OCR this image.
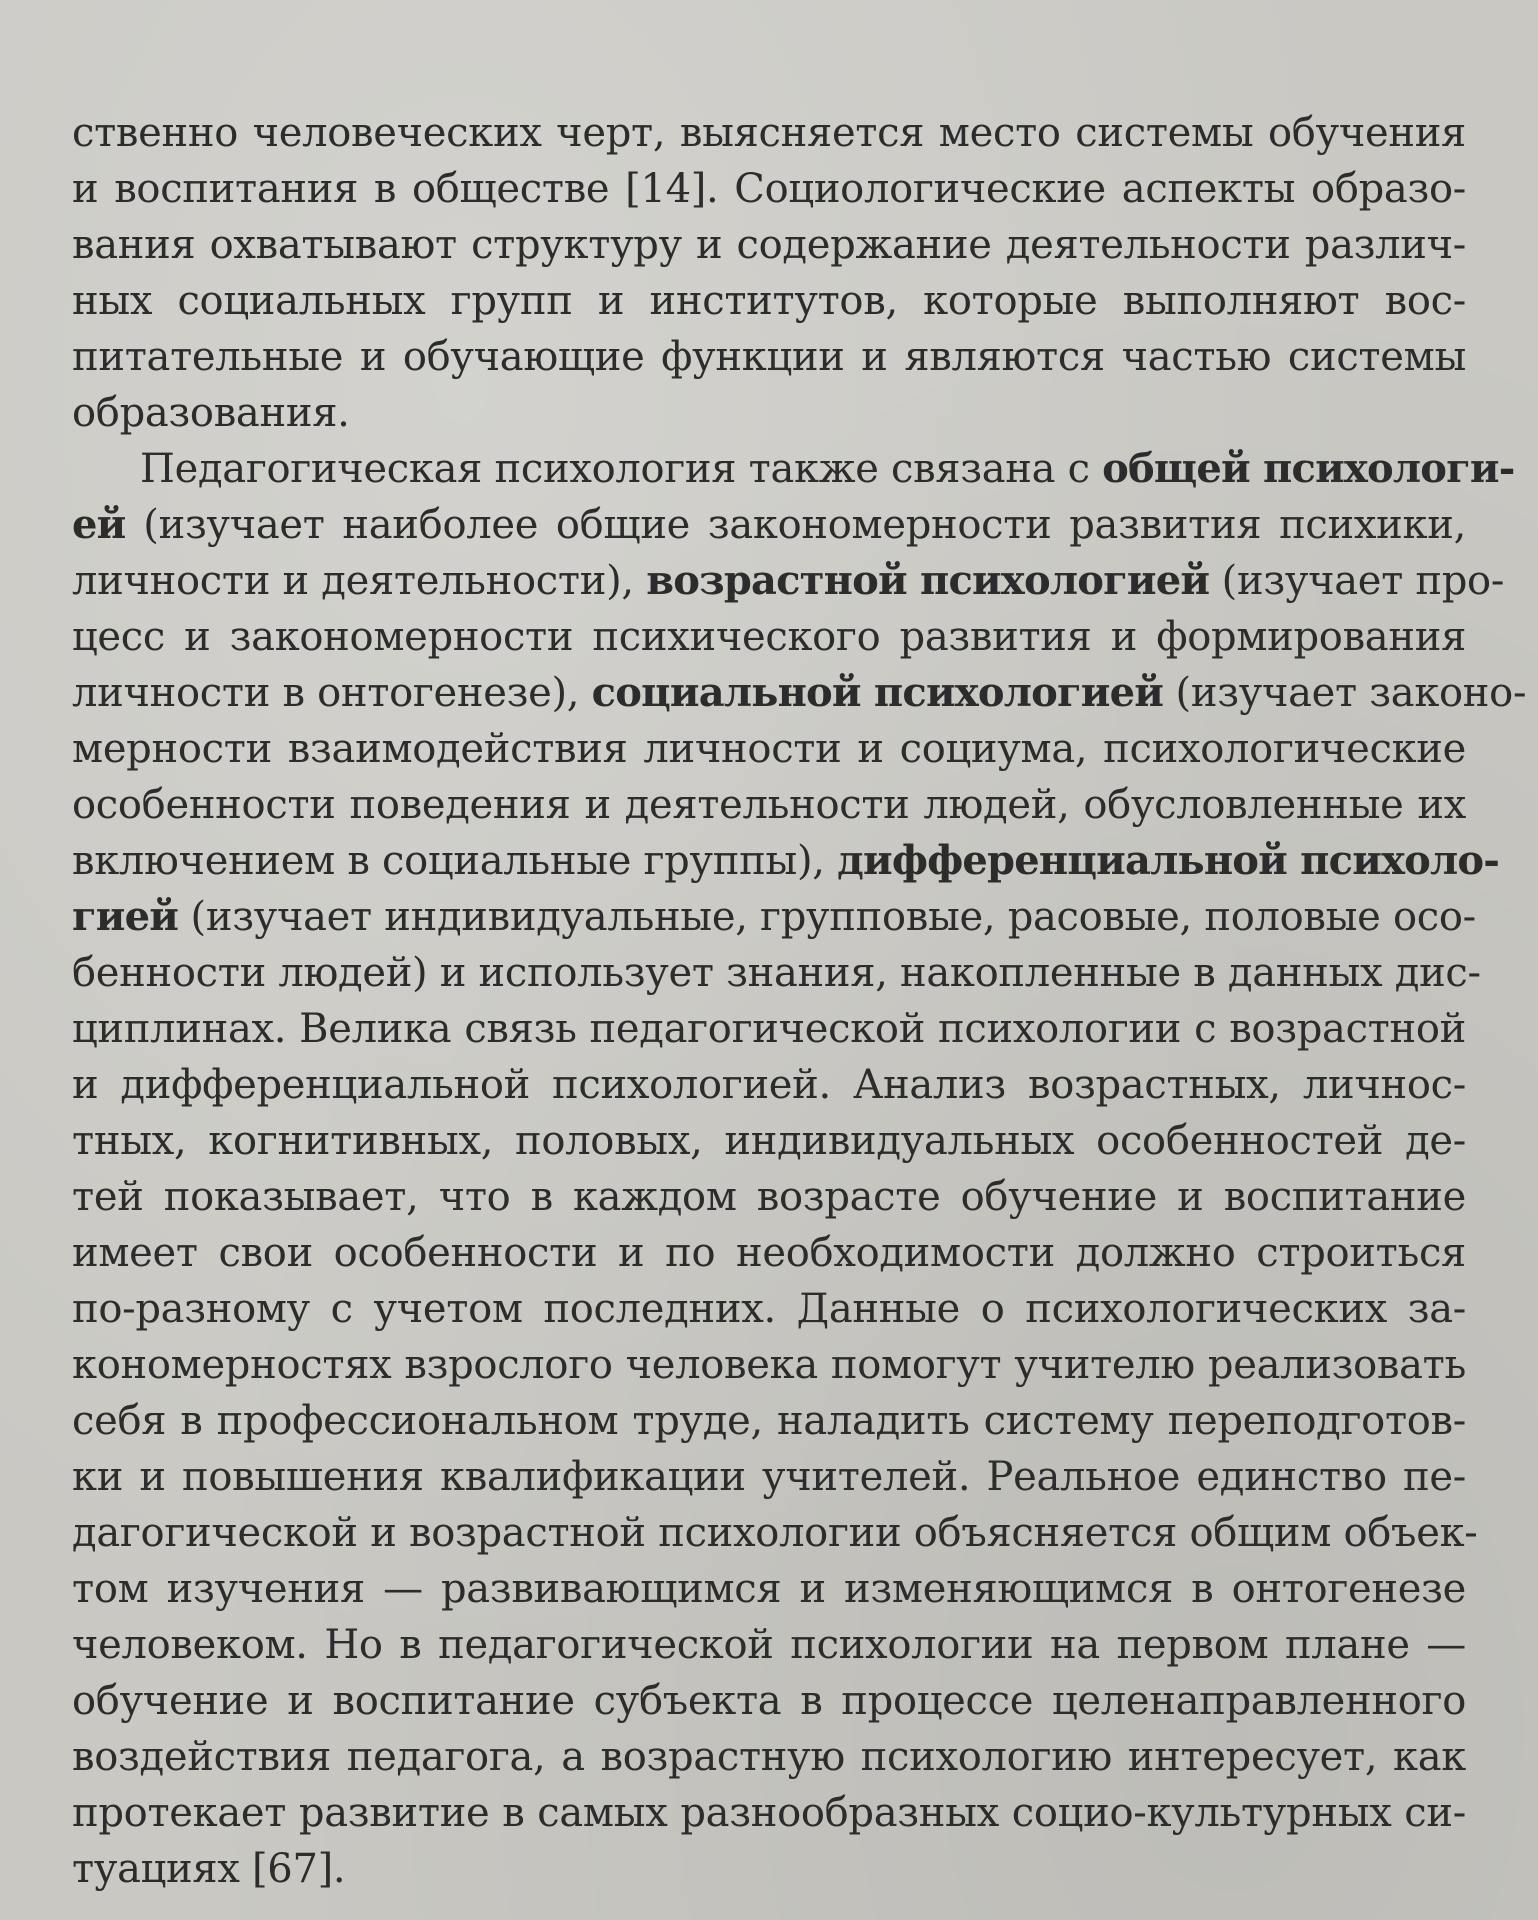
ственно человеческих черт, выясняется место системы обучения
и воспитания в обществе [14]. Социологические аспекты образо-
вания охватывают структуру и содержание деятельности различ-
ных социальных групп и институтов, которые выполняют вос-
питательные и обучающие функции и являются частью системы
образования.
Педагогическая психология также связана с общей психологи-
ей (изучает наиболее общие закономерности развития психики,
личности и деятельности), возрастной психологией (изучает про-
цесс и закономерности психического развития и формирования
личности в онтогенезе), социальной психологией (изучает законо-
мерности взаимодействия личности и социума, психологические
особенности поведения и деятельности людей, обусловленные их
включением в социальные группы), дифференциальной психоло-
гией (изучает индивидуальные, групповые, расовые, половые осо-
бенности людей) и использует знания, накопленные в данных дис-
циплинах. Велика связь педагогической психологии с возрастной
и дифференциальной психологией. Анализ возрастных, личнос-
тных, когнитивных, половых, индивидуальных особенностей де-
тей показывает, что в каждом возрасте обучение и воспитание
имеет свои особенности и по необходимости должно строиться
по-разному с учетом последних. Данные о психологических за-
кономерностях взрослого человека помогут учителю реализовать
себя в профессиональном труде, наладить систему переподготов-
ки и повышения квалификации учителей. Реальное единство пе-
дагогической и возрастной психологии объясняется общим объек-
том изучения — развивающимся и изменяющимся в онтогенезе
человеком. Но в педагогической психологии на первом плане —
обучение и воспитание субъекта в процессе целенаправленного
воздействия педагога, а возрастную психологию интересует, как
протекает развитие в самых разнообразных социо-культурных си-
туациях [67].
